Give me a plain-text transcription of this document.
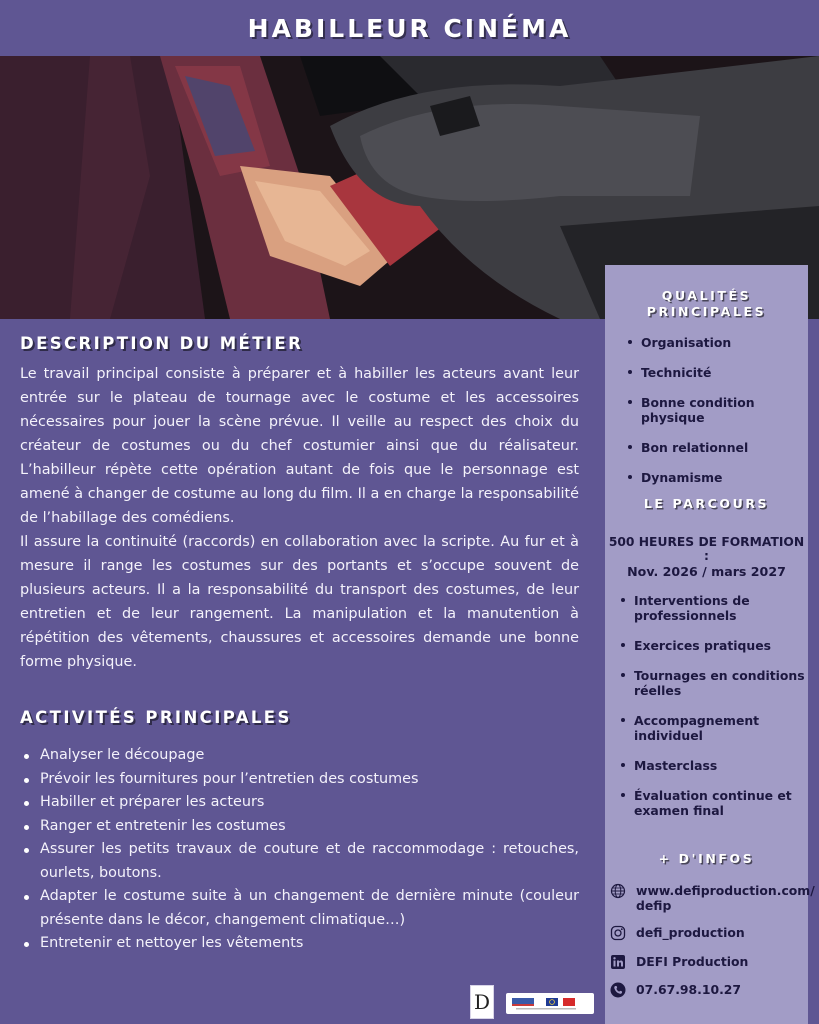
HABILLEUR CINÉMA
DESCRIPTION DU MÉTIER

Le travail principal consiste à préparer et à habiller les acteurs avant leur entrée sur le plateau de tournage avec le costume et les accessoires nécessaires pour jouer la scène prévue. Il veille au respect des choix du créateur de costumes ou du chef costumier ainsi que du réalisateur. L’habilleur répète cette opération autant de fois que le personnage est amené à changer de costume au long du film. Il a en charge la responsabilité de l’habillage des comédiens.

Il assure la continuité (raccords) en collaboration avec la scripte. Au fur et à mesure il range les costumes sur des portants et s’occupe souvent de plusieurs acteurs. Il a la responsabilité du transport des costumes, de leur entretien et de leur rangement. La manipulation et la manutention à répétition des vêtements, chaussures et accessoires demande une bonne forme physique.

ACTIVITÉS PRINCIPALES
Analyser le découpage
Prévoir les fournitures pour l’entretien des costumes
Habiller et préparer les acteurs
Ranger et entretenir les costumes
Assurer les petits travaux de couture et de raccommodage : retouches, ourlets, boutons.
Adapter le costume suite à un changement de dernière minute (couleur présente dans le décor, changement climatique…)
Entretenir et nettoyer les vêtements
QUALITÉS PRINCIPALES
Organisation
Technicité
Bonne condition physique
Bon relationnel
Dynamisme
LE PARCOURS
500 HEURES DE FORMATION :
Nov. 2026 / mars 2027
Interventions de professionnels
Exercices pratiques
Tournages en conditions réelles
Accompagnement individuel
Masterclass
Évaluation continue et examen final
+ D'INFOS
www.defiproduction.com/ defip
defi_production
DEFI Production
07.67.98.10.27
D
